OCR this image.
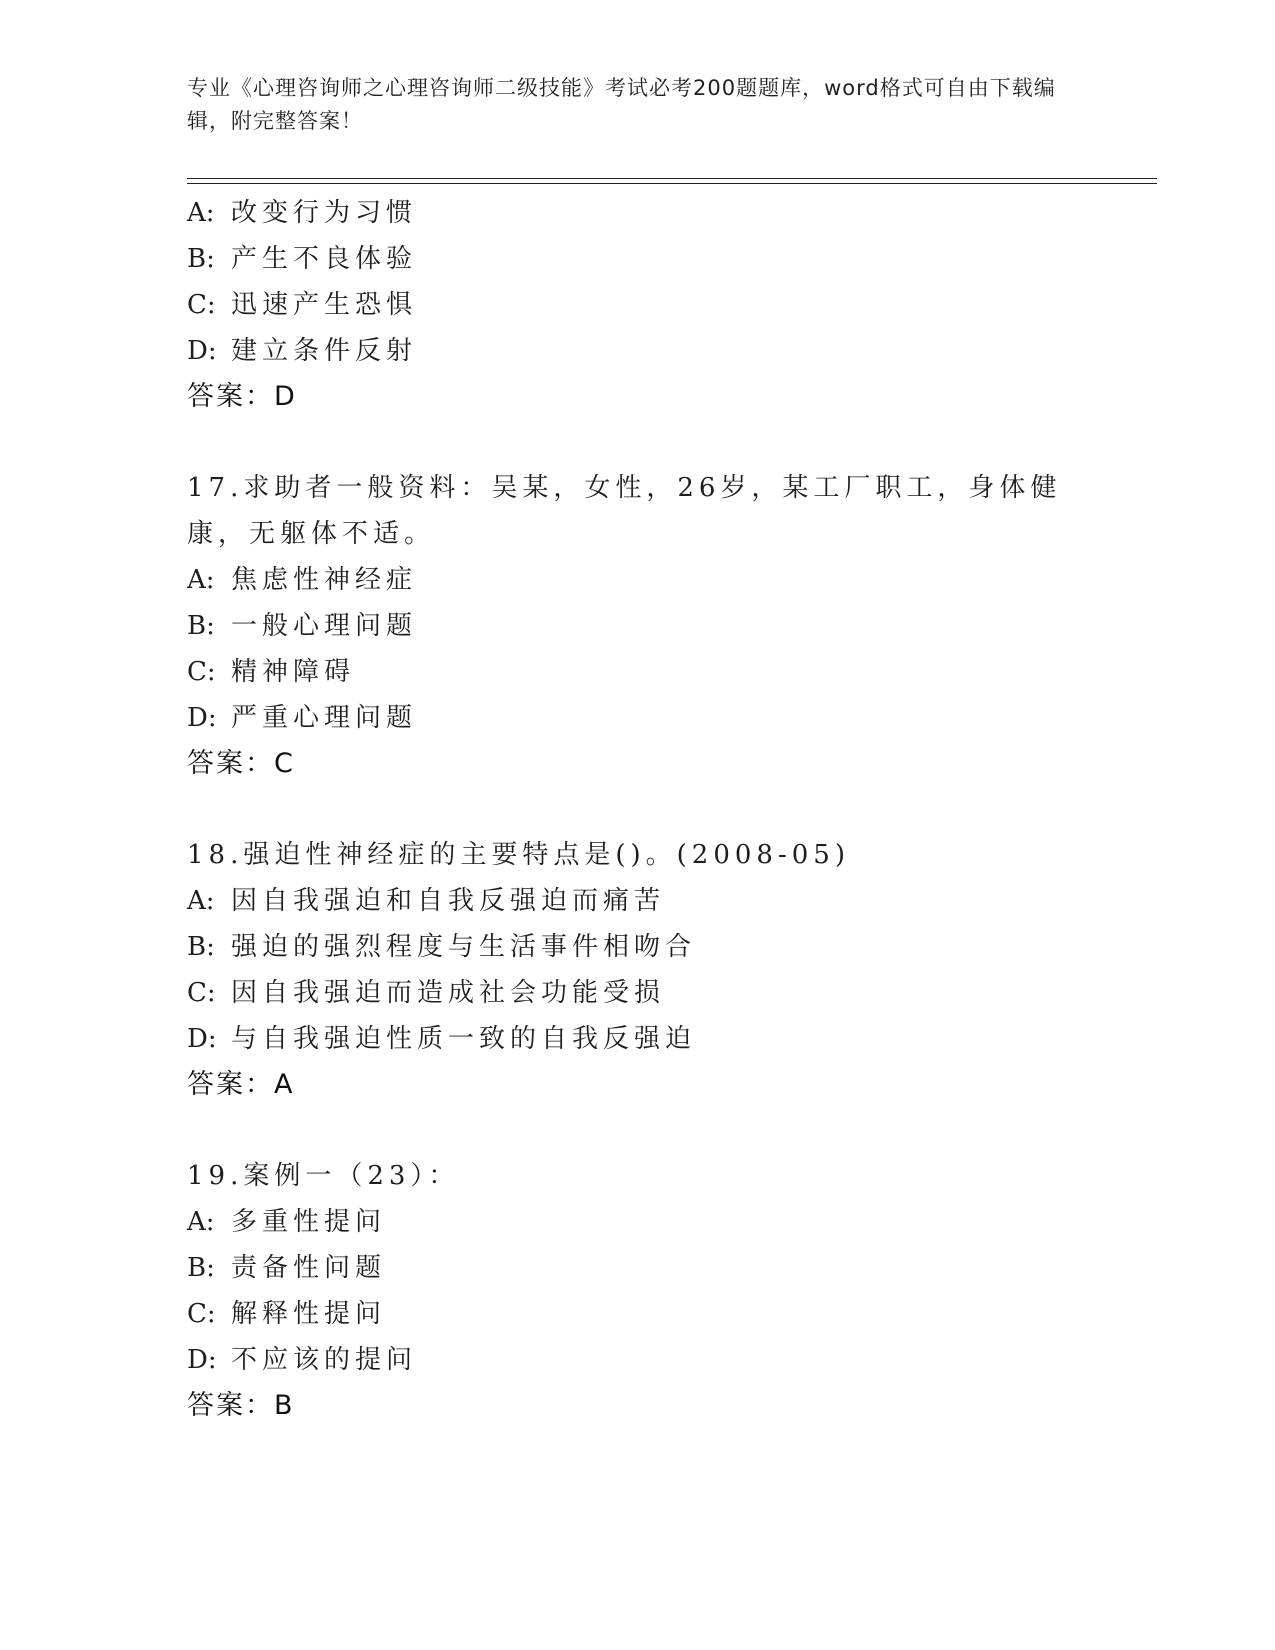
专业《心理咨询师之心理咨询师二级技能》考试必考200题题库，word格式可自由下载编辑，附完整答案！
A: 改变行为习惯
B: 产生不良体验
C: 迅速产生恐惧
D: 建立条件反射
答案：D
17.求助者一般资料：吴某，女性，26岁，某工厂职工，身体健康，无躯体不适。
A: 焦虑性神经症
B: 一般心理问题
C: 精神障碍
D: 严重心理问题
答案：C
18.强迫性神经症的主要特点是()。(2008-05)
A: 因自我强迫和自我反强迫而痛苦
B: 强迫的强烈程度与生活事件相吻合
C: 因自我强迫而造成社会功能受损
D: 与自我强迫性质一致的自我反强迫
答案：A
19.案例一（23）：
A: 多重性提问
B: 责备性问题
C: 解释性提问
D: 不应该的提问
答案：B
